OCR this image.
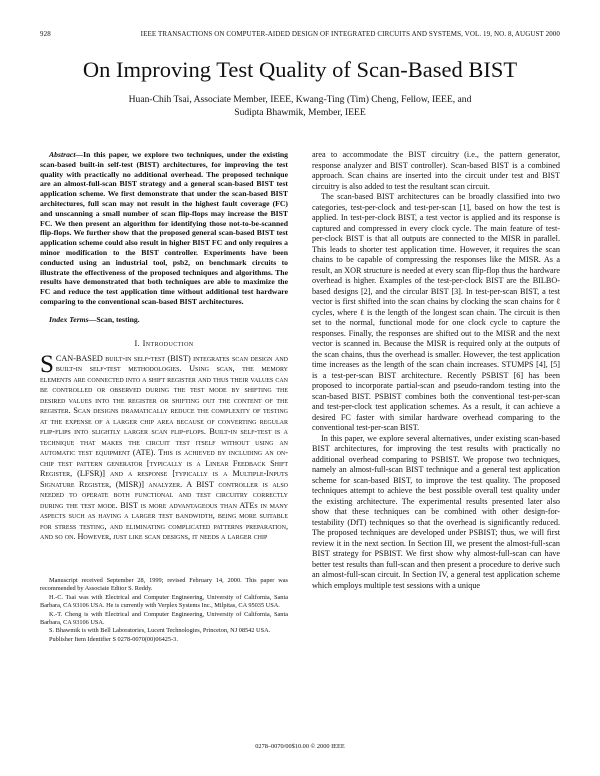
928	IEEE TRANSACTIONS ON COMPUTER-AIDED DESIGN OF INTEGRATED CIRCUITS AND SYSTEMS, VOL. 19, NO. 8, AUGUST 2000
On Improving Test Quality of Scan-Based BIST
Huan-Chih Tsai, Associate Member, IEEE, Kwang-Ting (Tim) Cheng, Fellow, IEEE, and
Sudipta Bhawmik, Member, IEEE

Abstract—In this paper, we explore two techniques, under the existing scan-based built-in self-test (BIST) architectures, for improving the test quality with practically no additional overhead. The proposed technique are an almost-full-scan BIST strategy and a general scan-based BIST test application scheme. We first demonstrate that under the scan-based BIST architectures, full scan may not result in the highest fault coverage (FC) and unscanning a small number of scan flip-flops may increase the BIST FC. We then present an algorithm for identifying those not-to-be-scanned flip-flops. We further show that the proposed general scan-based BIST test application scheme could also result in higher BIST FC and only requires a minor modification to the BIST controller. Experiments have been conducted using an industrial tool, psb2, on benchmark circuits to illustrate the effectiveness of the proposed techniques and algorithms. The results have demonstrated that both techniques are able to maximize the FC and reduce the test application time without additional test hardware comparing to the conventional scan-based BIST architectures.

Index Terms—Scan, testing.

I. Introduction

SCAN-BASED built-in self-test (BIST) integrates scan design and built-in self-test methodologies. Using scan, the memory elements are connected into a shift register and thus their values can be controlled or observed during the test mode by shifting the desired values into the register or shifting out the content of the register. Scan designs dramatically reduce the complexity of testing at the expense of a larger chip area because of converting regular flip-flips into slightly larger scan flip-flops. Built-in self-test is a technique that makes the circuit test itself without using an automatic test equipment (ATE). This is achieved by including an on-chip test pattern generator [typically is a Linear Feedback Shift Register, (LFSR)] and a response [typically is a Multiple-Inputs Signature Register, (MISR)] analyzer. A BIST controller is also needed to operate both functional and test circuitry correctly during the test mode. BIST is more advantageous than ATEs in many aspects such as having a larger test bandwidth, being more suitable for stress testing, and eliminating complicated patterns preparation, and so on. However, just like scan designs, it needs a larger chip

Manuscript received September 28, 1999; revised February 14, 2000. This paper was recommended by Associate Editor S. Reddy.

H.-C. Tsai was with Electrical and Computer Engineering, University of California, Santa Barbara, CA 93106 USA. He is currently with Verplex Systems Inc., Milpitas, CA 95035 USA.

K.-T. Cheng is with Electrical and Computer Engineering, University of California, Santa Barbara, CA 93106 USA.

S. Bhawmik is with Bell Laboratories, Lucent Technologies, Princeton, NJ 08542 USA.

Publisher Item Identifier S 0278-0070(00)06425-3.

area to accommodate the BIST circuitry (i.e., the pattern generator, response analyzer and BIST controller). Scan-based BIST is a combined approach. Scan chains are inserted into the circuit under test and BIST circuitry is also added to test the resultant scan circuit.

The scan-based BIST architectures can be broadly classified into two categories, test-per-clock and test-per-scan [1], based on how the test is applied. In test-per-clock BIST, a test vector is applied and its response is captured and compressed in every clock cycle. The main feature of test-per-clock BIST is that all outputs are connected to the MISR in parallel. This leads to shorter test application time. However, it requires the scan chains to be capable of compressing the responses like the MISR. As a result, an XOR structure is needed at every scan flip-flop thus the hardware overhead is higher. Examples of the test-per-clock BIST are the BILBO-based designs [2], and the circular BIST [3]. In test-per-scan BIST, a test vector is first shifted into the scan chains by clocking the scan chains for ℓ cycles, where ℓ is the length of the longest scan chain. The circuit is then set to the normal, functional mode for one clock cycle to capture the responses. Finally, the responses are shifted out to the MISR and the next vector is scanned in. Because the MISR is required only at the outputs of the scan chains, thus the overhead is smaller. However, the test application time increases as the length of the scan chain increases. STUMPS [4], [5] is a test-per-scan BIST architecture. Recently PSBIST [6] has been proposed to incorporate partial-scan and pseudo-random testing into the scan-based BIST. PSBIST combines both the conventional test-per-scan and test-per-clock test application schemes. As a result, it can achieve a desired FC faster with similar hardware overhead comparing to the conventional test-per-scan BIST.

In this paper, we explore several alternatives, under existing scan-based BIST architectures, for improving the test results with practically no additional overhead comparing to PSBIST. We propose two techniques, namely an almost-full-scan BIST technique and a general test application scheme for scan-based BIST, to improve the test quality. The proposed techniques attempt to achieve the best possible overall test quality under the existing architecture. The experimental results presented later also show that these techniques can be combined with other design-for-testability (DfT) techniques so that the overhead is significantly reduced. The proposed techniques are developed under PSBIST; thus, we will first review it in the next section. In Section III, we present the almost-full-scan BIST strategy for PSBIST. We first show why almost-full-scan can have better test results than full-scan and then present a procedure to derive such an almost-full-scan circuit. In Section IV, a general test application scheme which employs multiple test sessions with a unique

0278–0070/00$10.00 © 2000 IEEE
